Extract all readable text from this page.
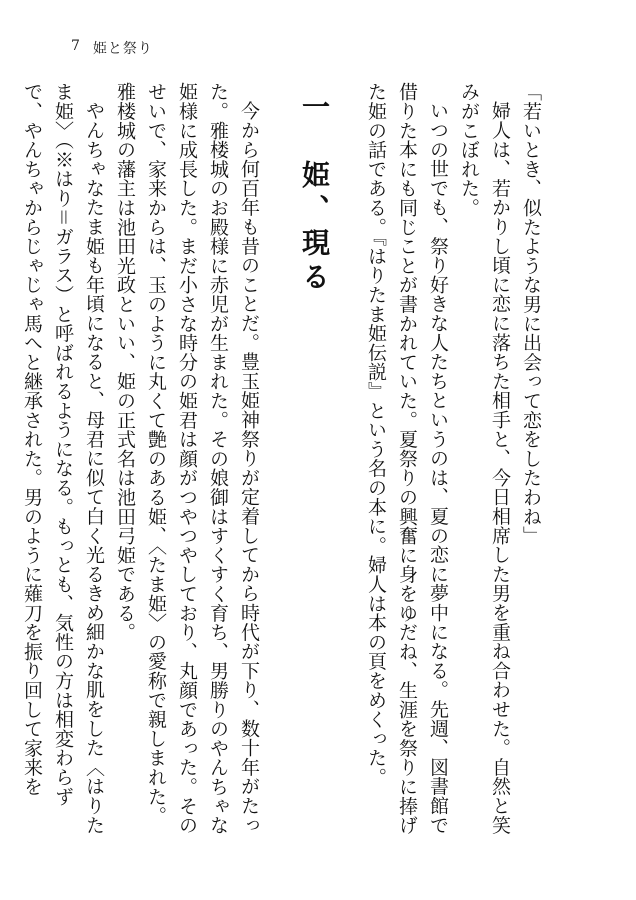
7 姫と祭り

「若いとき、似たような男に出会って恋をしたわね」

婦人は、若かりし頃に恋に落ちた相手と、今日相席した男を重ね合わせた。自然と笑みがこぼれた。

いつの世でも、祭り好きな人たちというのは、夏の恋に夢中になる。先週、図書館で借りた本にも同じことが書かれていた。夏祭りの興奮に身をゆだね、生涯を祭りに捧げた姫の話である。『はりたま姫伝説』という名の本に。婦人は本の頁をめくった。

一　姫、現る

今から何百年も昔のことだ。豊玉姫神祭りが定着してから時代が下り、数十年がたった。雅楼城のお殿様に赤児が生まれた。その娘御はすくすく育ち、男勝りのやんちゃな姫様に成長した。まだ小さな時分の姫君は顔がつやつやしており、丸顔であった。そのせいで、家来からは、玉のように丸くて艶のある姫、〈たま姫〉の愛称で親しまれた。雅楼城の藩主は池田光政といい、姫の正式名は池田弓姫である。

やんちゃなたま姫も年頃になると、母君に似て白く光るきめ細かな肌をした〈はりたま姫〉（※はり＝ガラス）と呼ばれるようになる。もっとも、気性の方は相変わらずで、やんちゃからじゃじゃ馬へと継承された。男のように薙刀を振り回して家来を
